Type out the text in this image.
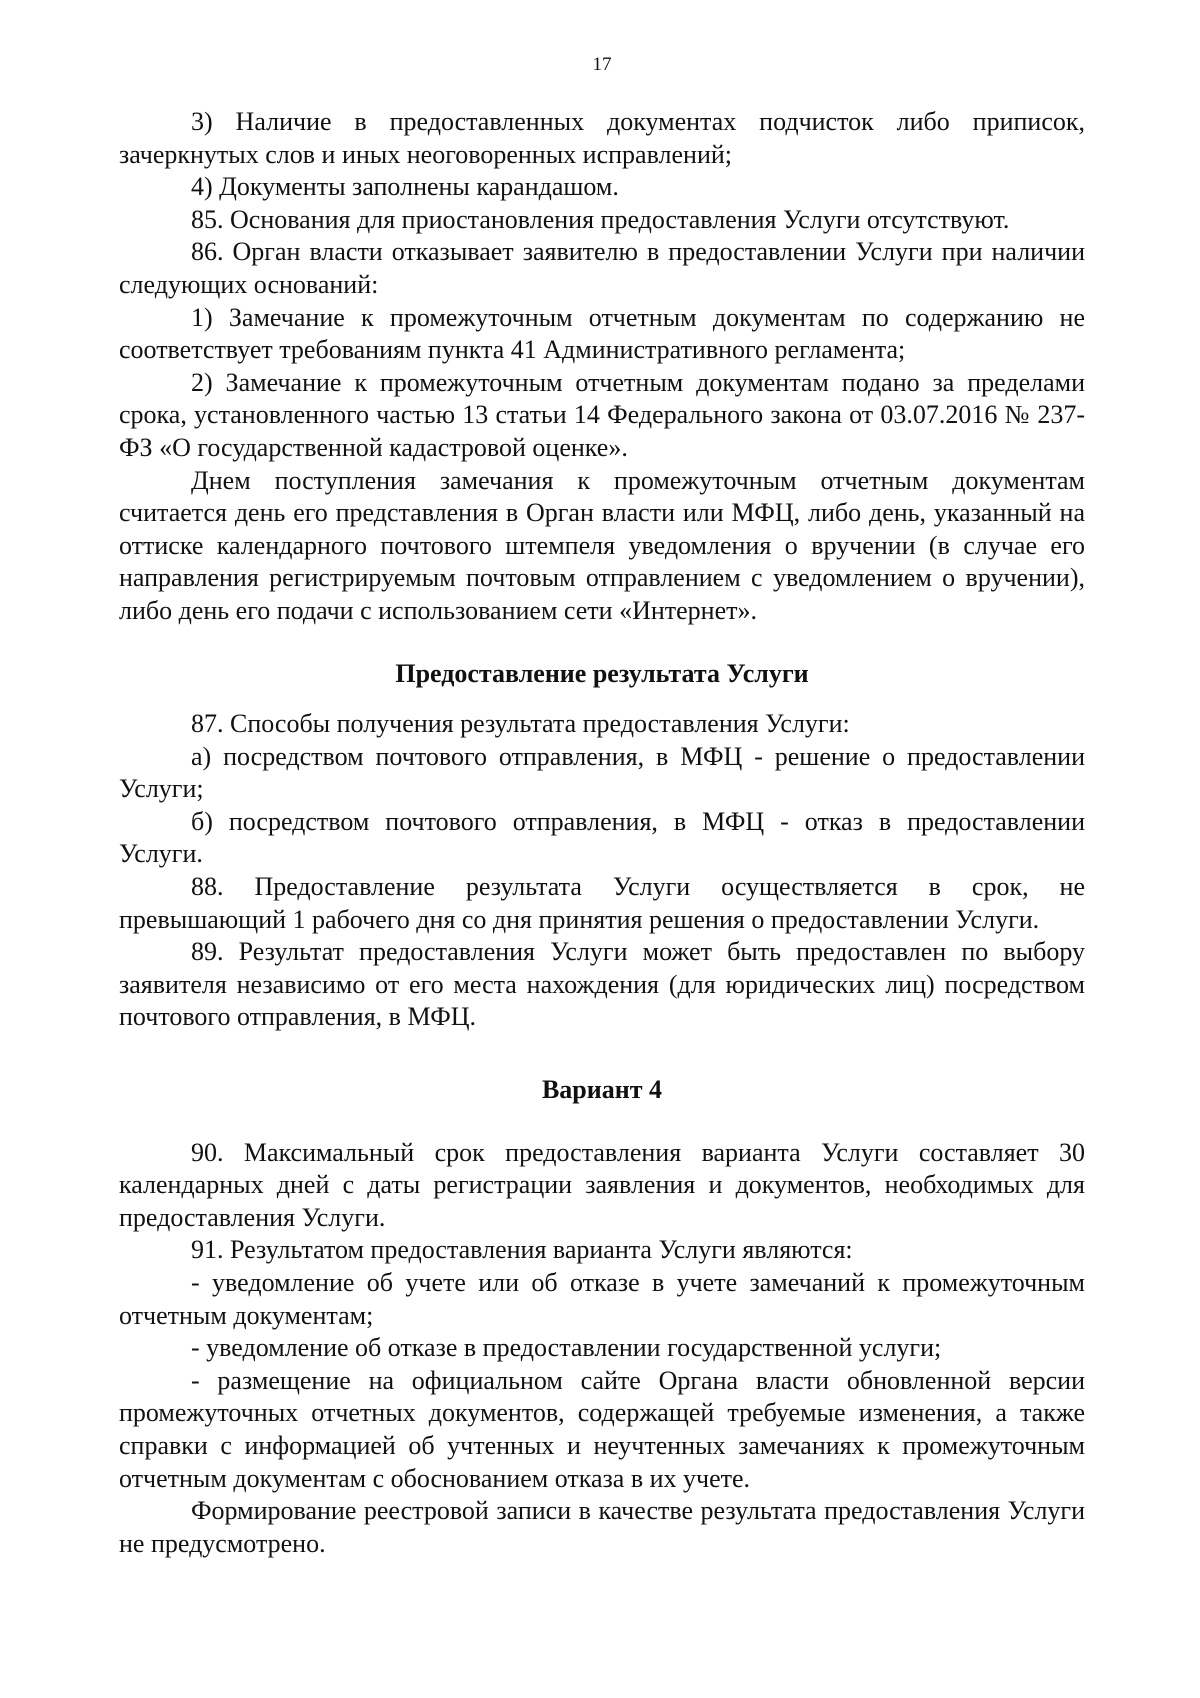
17

3) Наличие в предоставленных документах подчисток либо приписок, зачеркнутых слов и иных неоговоренных исправлений;

4) Документы заполнены карандашом.

85. Основания для приостановления предоставления Услуги отсутствуют.

86. Орган власти отказывает заявителю в предоставлении Услуги при наличии следующих оснований:

1) Замечание к промежуточным отчетным документам по содержанию не соответствует требованиям пункта 41 Административного регламента;

2) Замечание к промежуточным отчетным документам подано за пределами срока, установленного частью 13 статьи 14 Федерального закона от 03.07.2016 № 237-ФЗ «О государственной кадастровой оценке».

Днем поступления замечания к промежуточным отчетным документам считается день его представления в Орган власти или МФЦ, либо день, указанный на оттиске календарного почтового штемпеля уведомления о вручении (в случае его направления регистрируемым почтовым отправлением с уведомлением о вручении), либо день его подачи с использованием сети «Интернет».

Предоставление результата Услуги

87. Способы получения результата предоставления Услуги:

а) посредством почтового отправления, в МФЦ - решение о предоставлении Услуги;

б) посредством почтового отправления, в МФЦ - отказ в предоставлении Услуги.

88. Предоставление результата Услуги осуществляется в срок, не превышающий 1 рабочего дня со дня принятия решения о предоставлении Услуги.

89. Результат предоставления Услуги может быть предоставлен по выбору заявителя независимо от его места нахождения (для юридических лиц) посредством почтового отправления, в МФЦ.

Вариант 4

90. Максимальный срок предоставления варианта Услуги составляет 30 календарных дней с даты регистрации заявления и документов, необходимых для предоставления Услуги.

91. Результатом предоставления варианта Услуги являются:

- уведомление об учете или об отказе в учете замечаний к промежуточным отчетным документам;

- уведомление об отказе в предоставлении государственной услуги;

- размещение на официальном сайте Органа власти обновленной версии промежуточных отчетных документов, содержащей требуемые изменения, а также справки с информацией об учтенных и неучтенных замечаниях к промежуточным отчетным документам с обоснованием отказа в их учете.

Формирование реестровой записи в качестве результата предоставления Услуги не предусмотрено.
